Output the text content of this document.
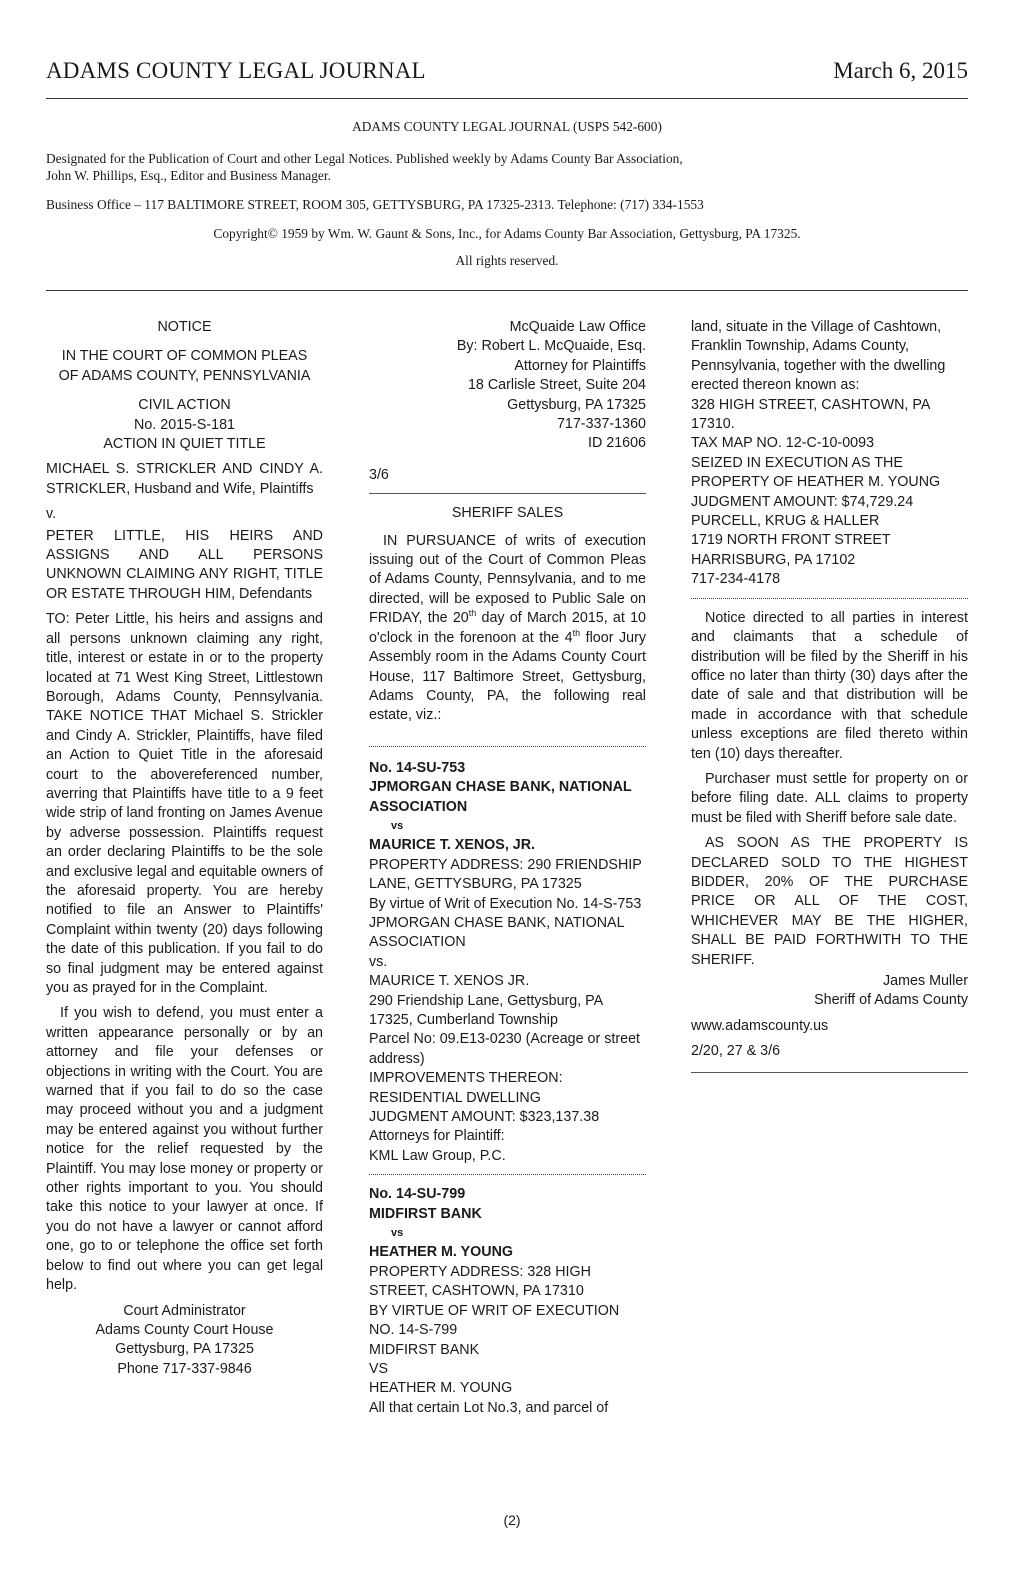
ADAMS COUNTY LEGAL JOURNAL	March 6, 2015

ADAMS COUNTY LEGAL JOURNAL (USPS 542-600)

Designated for the Publication of Court and other Legal Notices. Published weekly by Adams County Bar Association,

John W. Phillips, Esq., Editor and Business Manager.

Business Office – 117 BALTIMORE STREET, ROOM 305, GETTYSBURG, PA 17325-2313. Telephone: (717) 334-1553

Copyright© 1959 by Wm. W. Gaunt & Sons, Inc., for Adams County Bar Association, Gettysburg, PA 17325.

All rights reserved.

NOTICE

IN THE COURT OF COMMON PLEAS

OF ADAMS COUNTY, PENNSYLVANIA

CIVIL ACTION

No. 2015-S-181

ACTION IN QUIET TITLE

MICHAEL S. STRICKLER AND CINDY A. STRICKLER, Husband and Wife, Plaintiffs

v.

PETER LITTLE, HIS HEIRS AND ASSIGNS AND ALL PERSONS UNKNOWN CLAIMING ANY RIGHT, TITLE OR ESTATE THROUGH HIM, Defendants

TO: Peter Little, his heirs and assigns and all persons unknown claiming any right, title, interest or estate in or to the property located at 71 West King Street, Littlestown Borough, Adams County, Pennsylvania. TAKE NOTICE THAT Michael S. Strickler and Cindy A. Strickler, Plaintiffs, have filed an Action to Quiet Title in the aforesaid court to the abovereferenced number, averring that Plaintiffs have title to a 9 feet wide strip of land fronting on James Avenue by adverse possession. Plaintiffs request an order declaring Plaintiffs to be the sole and exclusive legal and equitable owners of the aforesaid property. You are hereby notified to file an Answer to Plaintiffs' Complaint within twenty (20) days following the date of this publication. If you fail to do so final judgment may be entered against you as prayed for in the Complaint.

If you wish to defend, you must enter a written appearance personally or by an attorney and file your defenses or objections in writing with the Court. You are warned that if you fail to do so the case may proceed without you and a judgment may be entered against you without further notice for the relief requested by the Plaintiff. You may lose money or property or other rights important to you. You should take this notice to your lawyer at once. If you do not have a lawyer or cannot afford one, go to or telephone the office set forth below to find out where you can get legal help.

Court Administrator

Adams County Court House

Gettysburg, PA 17325

Phone 717-337-9846

McQuaide Law Office

By: Robert L. McQuaide, Esq.

Attorney for Plaintiffs

18 Carlisle Street, Suite 204

Gettysburg, PA 17325

717-337-1360

ID 21606

3/6

SHERIFF SALES

IN PURSUANCE of writs of execution issuing out of the Court of Common Pleas of Adams County, Pennsylvania, and to me directed, will be exposed to Public Sale on FRIDAY, the 20th day of March 2015, at 10 o'clock in the forenoon at the 4th floor Jury Assembly room in the Adams County Court House, 117 Baltimore Street, Gettysburg, Adams County, PA, the following real estate, viz.:

No. 14-SU-753

JPMORGAN CHASE BANK, NATIONAL ASSOCIATION

vs

MAURICE T. XENOS, JR.

PROPERTY ADDRESS: 290 FRIENDSHIP LANE, GETTYSBURG, PA 17325

By virtue of Writ of Execution No. 14-S-753

JPMORGAN CHASE BANK, NATIONAL ASSOCIATION

vs.

MAURICE T. XENOS JR.

290 Friendship Lane, Gettysburg, PA 17325, Cumberland Township

Parcel No: 09.E13-0230 (Acreage or street address)

IMPROVEMENTS THEREON: RESIDENTIAL DWELLING

JUDGMENT AMOUNT: $323,137.38

Attorneys for Plaintiff:

KML Law Group, P.C.

No. 14-SU-799

MIDFIRST BANK

vs

HEATHER M. YOUNG

PROPERTY ADDRESS: 328 HIGH STREET, CASHTOWN, PA 17310

BY VIRTUE OF WRIT OF EXECUTION NO. 14-S-799

MIDFIRST BANK

VS

HEATHER M. YOUNG

All that certain Lot No.3, and parcel of

land, situate in the Village of Cashtown, Franklin Township, Adams County, Pennsylvania, together with the dwelling erected thereon known as:

328 HIGH STREET, CASHTOWN, PA 17310.

TAX MAP NO. 12-C-10-0093

SEIZED IN EXECUTION AS THE PROPERTY OF HEATHER M. YOUNG

JUDGMENT AMOUNT: $74,729.24

PURCELL, KRUG & HALLER

1719 NORTH FRONT STREET

HARRISBURG, PA 17102

717-234-4178

Notice directed to all parties in interest and claimants that a schedule of distribution will be filed by the Sheriff in his office no later than thirty (30) days after the date of sale and that distribution will be made in accordance with that schedule unless exceptions are filed thereto within ten (10) days thereafter.

Purchaser must settle for property on or before filing date. ALL claims to property must be filed with Sheriff before sale date.

AS SOON AS THE PROPERTY IS DECLARED SOLD TO THE HIGHEST BIDDER, 20% OF THE PURCHASE PRICE OR ALL OF THE COST, WHICHEVER MAY BE THE HIGHER, SHALL BE PAID FORTHWITH TO THE SHERIFF.

James Muller

Sheriff of Adams County

www.adamscounty.us

2/20, 27 & 3/6

(2)
